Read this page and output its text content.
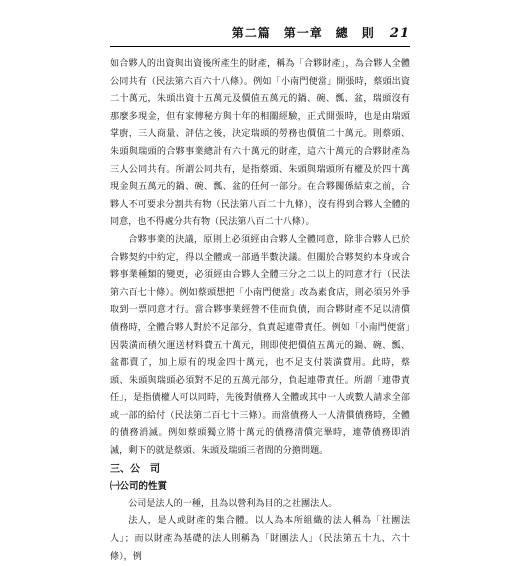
第二篇　第一章　總　則 21

如合夥人的出資與出資後所產生的財產，稱為「合夥財產」，為合夥人全體公同共有（民法第六百六十八條）。例如「小南門便當」開張時，蔡頭出資二十萬元，朱頭出資十五萬元及價值五萬元的鍋、碗、瓢、盆，瑞頭沒有那麼多現金，但有家傳秘方與十年的相關經驗，正式開張時，也是由瑞頭掌廚，三人商量、評估之後，決定瑞頭的勞務也價值二十萬元。則蔡頭、朱頭與瑞頭的合夥事業總計有六十萬元的財產，這六十萬元的合夥財產為三人公同共有。所謂公同共有，是指蔡頭、朱頭與瑞頭所有權及於四十萬現金與五萬元的鍋、碗、瓢、盆的任何一部分。在合夥關係結束之前，合夥人不可要求分割共有物（民法第八百二十九條），沒有得到合夥人全體的同意，也不得處分共有物（民法第八百二十八條）。

合夥事業的決議，原則上必須經由合夥人全體同意，除非合夥人已於合夥契約中約定，得以全體或一部過半數決議。但關於合夥契約本身或合夥事業種類的變更，必須經由合夥人全體三分之二以上的同意才行（民法第六百七十條）。例如蔡頭想把「小南門便當」改為素食店，則必須另外爭取到一票同意才行。當合夥事業經營不佳而負債，而合夥財產不足以清償債務時，全體合夥人對於不足部分，負責起連帶責任。例如「小南門便當」因裝潢而積欠運送材料費五十萬元，則即使把價值五萬元的鍋、碗、瓢、盆都賣了，加上原有的現金四十萬元，也不足支付裝潢費用。此時，蔡頭、朱頭與瑞頭必須對不足的五萬元部分，負起連帶責任。所謂「連帶責任」，是指債權人可以同時，先後對債務人全體或其中一人或數人請求全部或一部的給付（民法第二百七十三條）。而當債務人一人清償債務時，全體的債務消滅。例如蔡頭獨立將十萬元的債務清償完畢時，連帶債務即消滅，剩下的就是蔡頭、朱頭及瑞頭三者間的分擔問題。

三、公　司

㈠公司的性質

公司是法人的一種，且為以營利為目的之社團法人。

法人，是人或財產的集合體。以人為本所組織的法人稱為「社團法人」；而以財產為基礎的法人則稱為「財團法人」（民法第五十九、六十條），例
